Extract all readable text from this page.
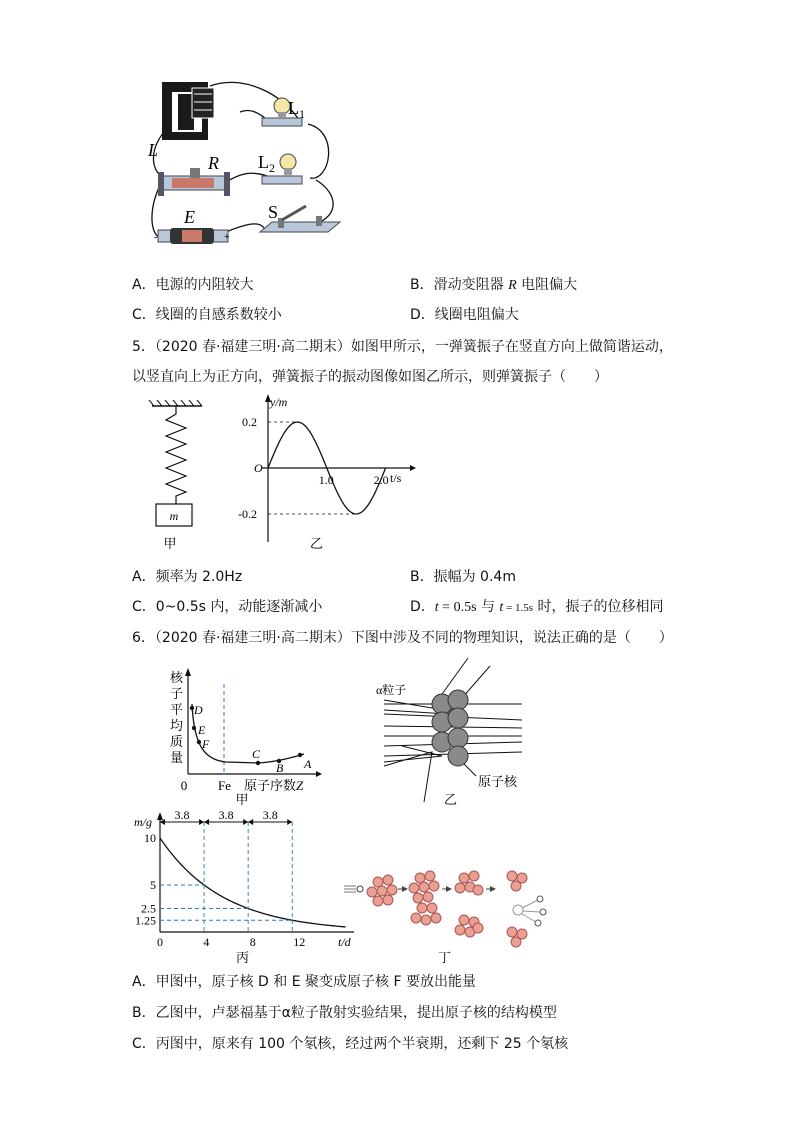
L
$L_1$
$L_2$
R
E	S
-	+
A．电源的内阻较大	B．滑动变阻器 R 电阻偏大
C．线圈的自感系数较小	D．线圈电阻偏大
5．（2020 春·福建三明·高二期末）如图甲所示，一弹簧振子在竖直方向上做简谐运动，
以竖直向上为正方向，弹簧振子的振动图像如图乙所示，则弹簧振子（　　）
m
甲
y/m
t/s
O
1.0	2.0
0.2
-0.2
乙
A．频率为 2.0Hz	B．振幅为 0.4m
C．0~0.5s 内，动能逐渐减小	D．t = 0.5s 与 t = 1.5s 时，振子的位移相同
6．（2020 春·福建三明·高二期末）下图中涉及不同的物理知识，说法正确的是（　　）
核
子
平
均
质
量
D
E
F
C
B A
0 Fe 原子序数Z
甲
α粒子
原子核
乙
3.8 3.8 3.8
m/g
t/d
10
5
2.5
1.25
0	4	8	12
丙	丁
A．甲图中，原子核 D 和 E 聚变成原子核 F 要放出能量
B．乙图中，卢瑟福基于α粒子散射实验结果，提出原子核的结构模型
C．丙图中，原来有 100 个氡核，经过两个半衰期，还剩下 25 个氡核
